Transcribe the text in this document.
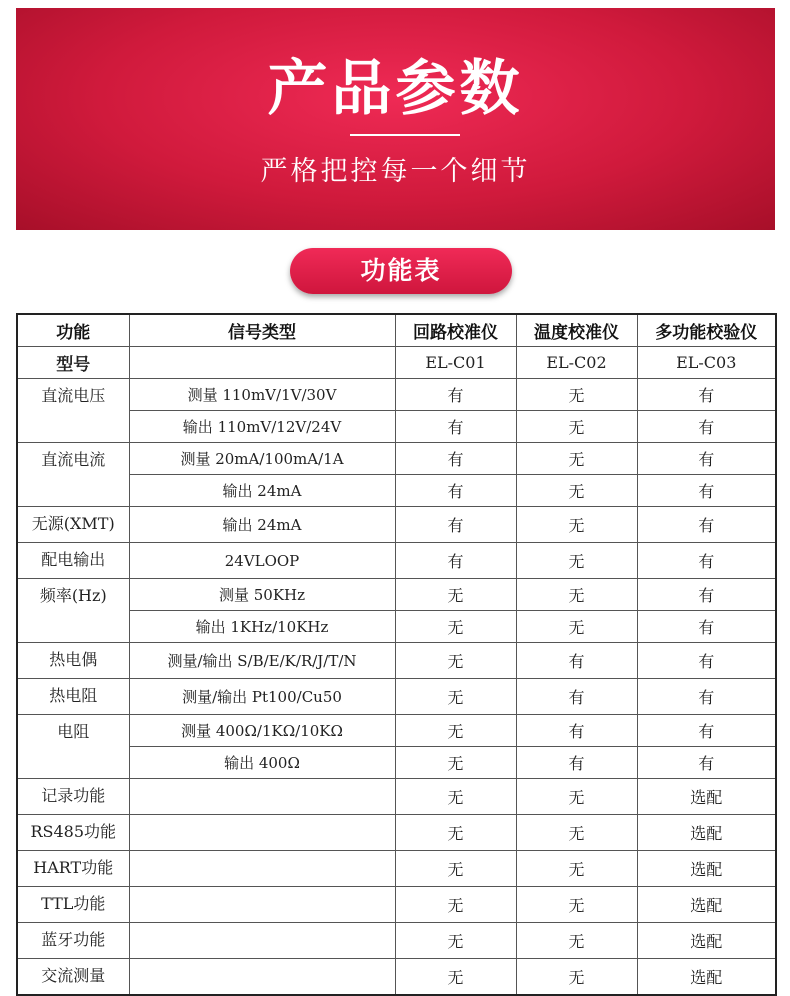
产品参数
严格把控每一个细节
功能表
功能	信号类型	回路校准仪	温度校准仪	多功能校验仪
型号		EL-C01	EL-C02	EL-C03
直流电压	测量 110mV/1V/30V	有	无	有
	输出 110mV/12V/24V	有	无	有
直流电流	测量 20mA/100mA/1A	有	无	有
	输出 24mA	有	无	有
无源(XMT)	输出 24mA	有	无	有
配电输出	24VLOOP	有	无	有
频率(Hz)	测量 50KHz	无	无	有
	输出 1KHz/10KHz	无	无	有
热电偶	测量/输出 S/B/E/K/R/J/T/N	无	有	有
热电阻	测量/输出 Pt100/Cu50	无	有	有
电阻	测量 400Ω/1KΩ/10KΩ	无	有	有
	输出 400Ω	无	有	有
记录功能		无	无	选配
RS485功能		无	无	选配
HART功能		无	无	选配
TTL功能		无	无	选配
蓝牙功能		无	无	选配
交流测量		无	无	选配
